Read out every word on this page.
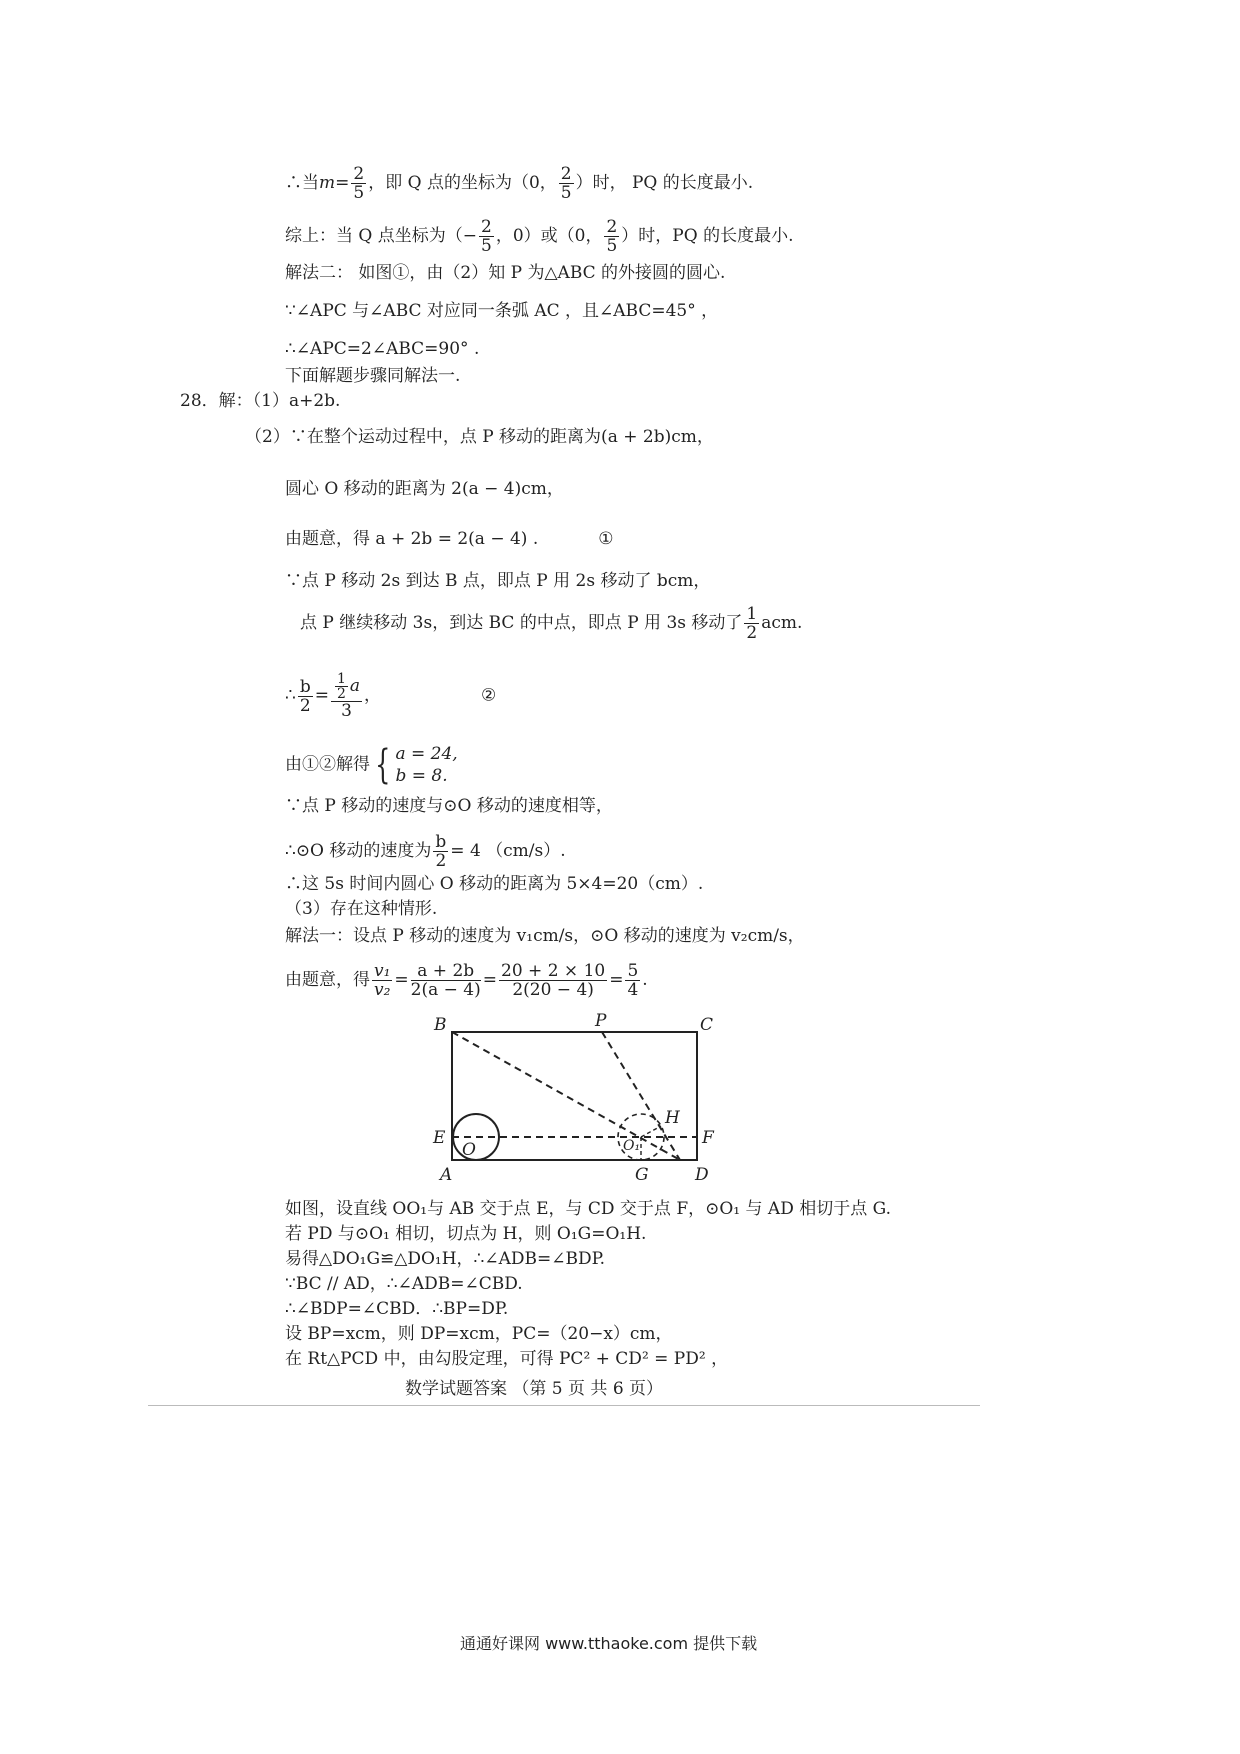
∴当$m= \frac{2}{5}$ ，即 Q 点的坐标为（0， $\frac{2}{5}$ ）时， PQ 的长度最小.
综上：当 Q 点坐标为（− $\frac{2}{5}$ ，0）或（0， $\frac{2}{5}$ ）时，PQ 的长度最小.
解法二： 如图①，由（2）知 P 为△ABC 的外接圆的圆心.
∵∠APC 与∠ABC 对应同一条弧 AC ，且∠ABC=45° ，
∴∠APC=2∠ABC=90° .
下面解题步骤同解法一.
28．解：（1）a+2b.
（2）∵在整个运动过程中，点 P 移动的距离为(a + 2b)cm，
圆心 O 移动的距离为 2(a − 4)cm，
由题意，得 a + 2b = 2(a − 4) .	①
∵点 P 移动 2s 到达 B 点，即点 P 用 2s 移动了 bcm，
点 P 继续移动 3s，到达 BC 的中点，即点 P 用 3s 移动了 $\frac{1}{2}$ acm.
∴ $\frac{b}{2} = \frac{\frac{1}{2} a}{3}$ ，	②
由①②解得 { a = 24,
b = 8.
∵点 P 移动的速度与⊙O 移动的速度相等，
∴⊙O 移动的速度为 $\frac{b}{2} = 4$ （cm/s）.
∴这 5s 时间内圆心 O 移动的距离为 5×4=20（cm）.
（3）存在这种情形.
解法一：设点 P 移动的速度为 v₁cm/s，⊙O 移动的速度为 v₂cm/s，
由题意，得 $\frac{\text{v₁}}{\text{v₂}} = \frac{a + 2b}{2(a - 4)} = \frac{20 + 2 \times 10}{2(20 - 4)} = \frac{5}{4}$ .
B	P	C
H
E
O	O₁	F
A	G	D
如图，设直线 OO₁与 AB 交于点 E，与 CD 交于点 F，⊙O₁ 与 AD 相切于点 G.
若 PD 与⊙O₁ 相切，切点为 H，则 O₁G=O₁H.
易得△DO₁G≌△DO₁H，∴∠ADB=∠BDP.
∵BC // AD，∴∠ADB=∠CBD.
∴∠BDP=∠CBD．∴BP=DP.
设 BP=xcm，则 DP=xcm，PC=（20−x）cm，
在 Rt△PCD 中，由勾股定理，可得 PC² + CD² = PD² ，
数学试题答案 （第 5 页 共 6 页）
通通好课网 www.tthaoke.com 提供下载
